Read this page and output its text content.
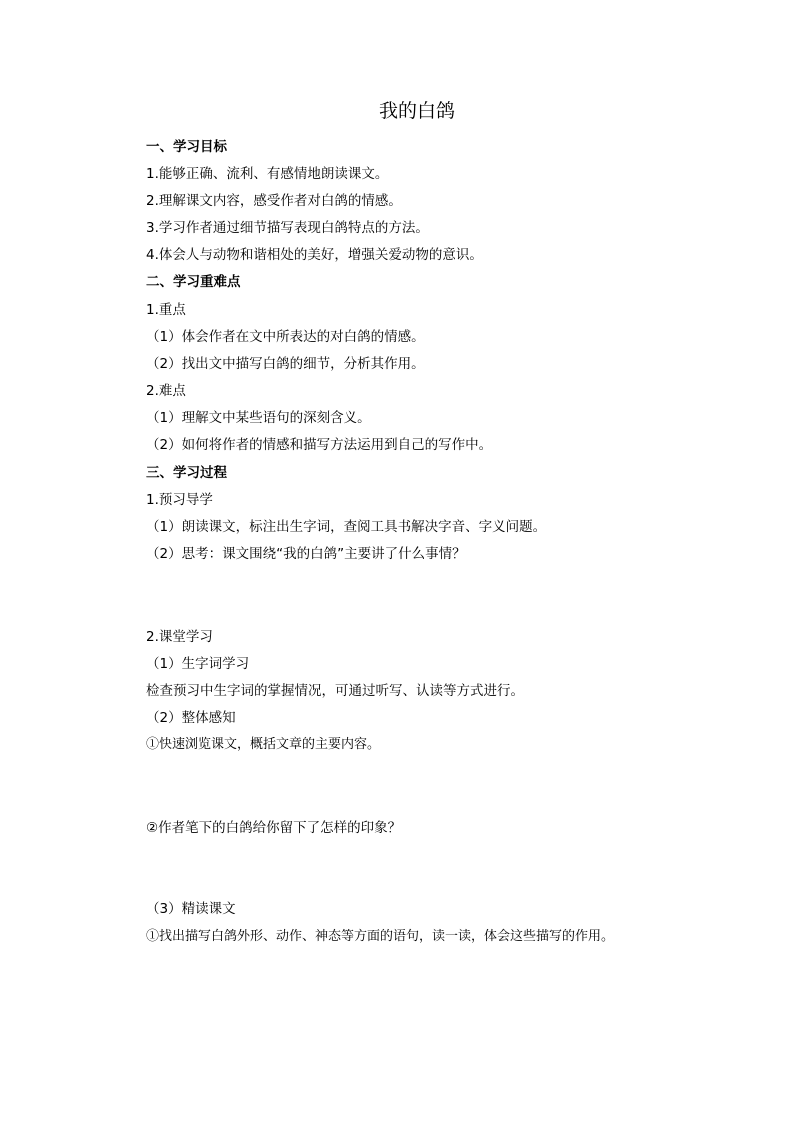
我的白鸽
一、学习目标
1.能够正确、流利、有感情地朗读课文。
2.理解课文内容，感受作者对白鸽的情感。
3.学习作者通过细节描写表现白鸽特点的方法。
4.体会人与动物和谐相处的美好，增强关爱动物的意识。
二、学习重难点
1.重点
（1）体会作者在文中所表达的对白鸽的情感。
（2）找出文中描写白鸽的细节，分析其作用。
2.难点
（1）理解文中某些语句的深刻含义。
（2）如何将作者的情感和描写方法运用到自己的写作中。
三、学习过程
1.预习导学
（1）朗读课文，标注出生字词，查阅工具书解决字音、字义问题。
（2）思考：课文围绕“我的白鸽”主要讲了什么事情？
2.课堂学习
（1）生字词学习
检查预习中生字词的掌握情况，可通过听写、认读等方式进行。
（2）整体感知
①快速浏览课文，概括文章的主要内容。
②作者笔下的白鸽给你留下了怎样的印象？
（3）精读课文
①找出描写白鸽外形、动作、神态等方面的语句，读一读，体会这些描写的作用。
